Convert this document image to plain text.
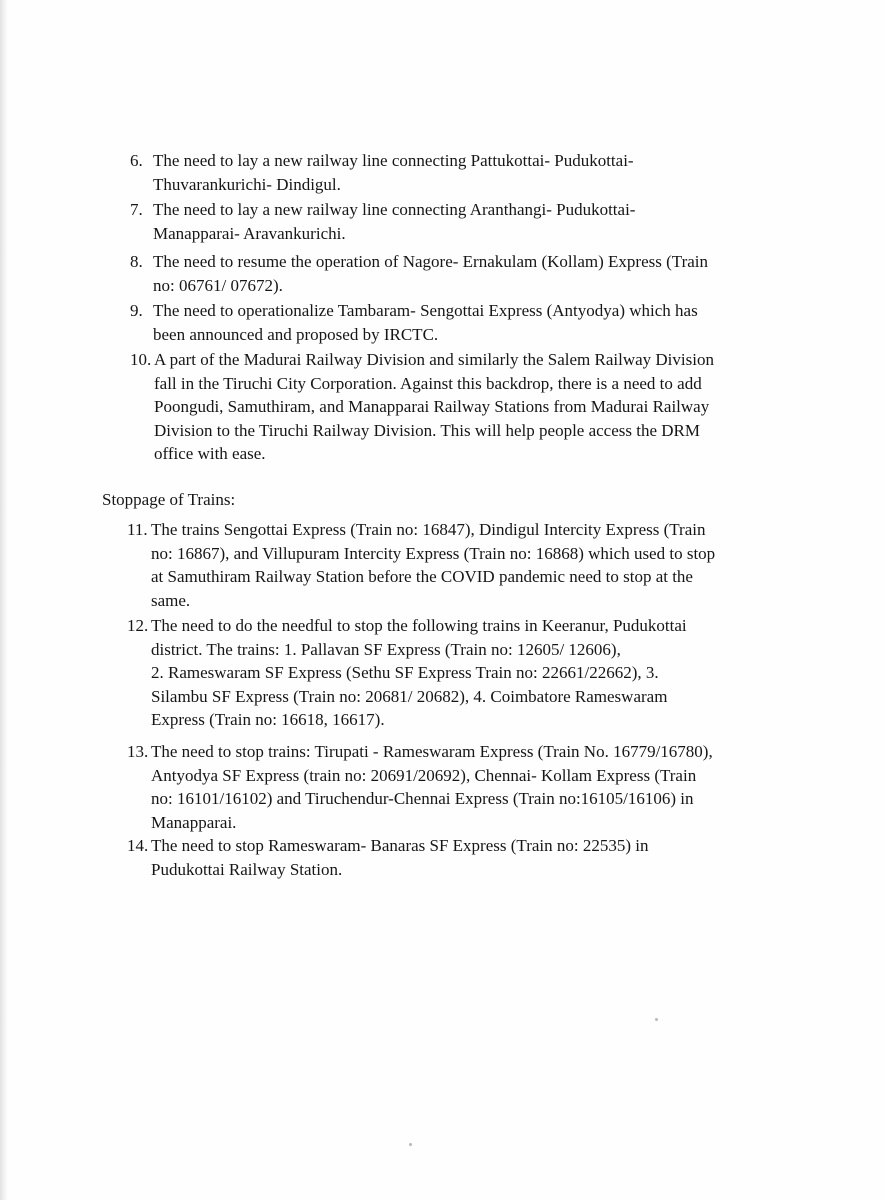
6. The need to lay a new railway line connecting Pattukottai- Pudukottai-
Thuvarankurichi- Dindigul.
7. The need to lay a new railway line connecting Aranthangi- Pudukottai-
Manapparai- Aravankurichi.
8. The need to resume the operation of Nagore- Ernakulam (Kollam) Express (Train
no: 06761/ 07672).
9. The need to operationalize Tambaram- Sengottai Express (Antyodya) which has
been announced and proposed by IRCTC.
10. A part of the Madurai Railway Division and similarly the Salem Railway Division
fall in the Tiruchi City Corporation. Against this backdrop, there is a need to add
Poongudi, Samuthiram, and Manapparai Railway Stations from Madurai Railway
Division to the Tiruchi Railway Division. This will help people access the DRM
office with ease.
Stoppage of Trains:
11. The trains Sengottai Express (Train no: 16847), Dindigul Intercity Express (Train
no: 16867), and Villupuram Intercity Express (Train no: 16868) which used to stop
at Samuthiram Railway Station before the COVID pandemic need to stop at the
same.
12. The need to do the needful to stop the following trains in Keeranur, Pudukottai
district. The trains: 1. Pallavan SF Express (Train no: 12605/ 12606),
2. Rameswaram SF Express (Sethu SF Express Train no: 22661/22662), 3.
Silambu SF Express (Train no: 20681/ 20682), 4. Coimbatore Rameswaram
Express (Train no: 16618, 16617).
13. The need to stop trains: Tirupati - Rameswaram Express (Train No. 16779/16780),
Antyodya SF Express (train no: 20691/20692), Chennai- Kollam Express (Train
no: 16101/16102) and Tiruchendur-Chennai Express (Train no:16105/16106) in
Manapparai.
14. The need to stop Rameswaram- Banaras SF Express (Train no: 22535) in
Pudukottai Railway Station.
